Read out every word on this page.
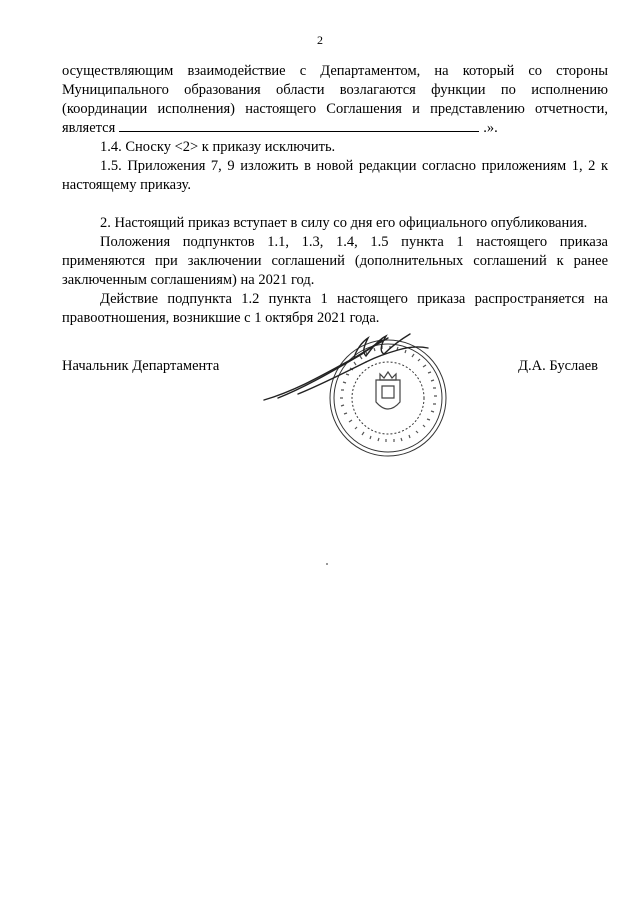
2

осуществляющим взаимодействие с Департаментом, на который со стороны Муниципального образования области возлагаются функции по исполнению (координации исполнения) настоящего Соглашения и представлению отчетности, является	.».

1.4. Сноску <2> к приказу исключить.

1.5. Приложения 7, 9 изложить в новой редакции согласно приложениям 1, 2 к настоящему приказу.

2. Настоящий приказ вступает в силу со дня его официального опубликования.

Положения подпунктов 1.1, 1.3, 1.4, 1.5 пункта 1 настоящего приказа применяются при заключении соглашений (дополнительных соглашений к ранее заключенным соглашениям) на 2021 год.

Действие подпункта 1.2 пункта 1 настоящего приказа распространяется на правоотношения, возникшие с 1 октября 2021 года.

Начальник Департамента	Д.А. Буслаев
